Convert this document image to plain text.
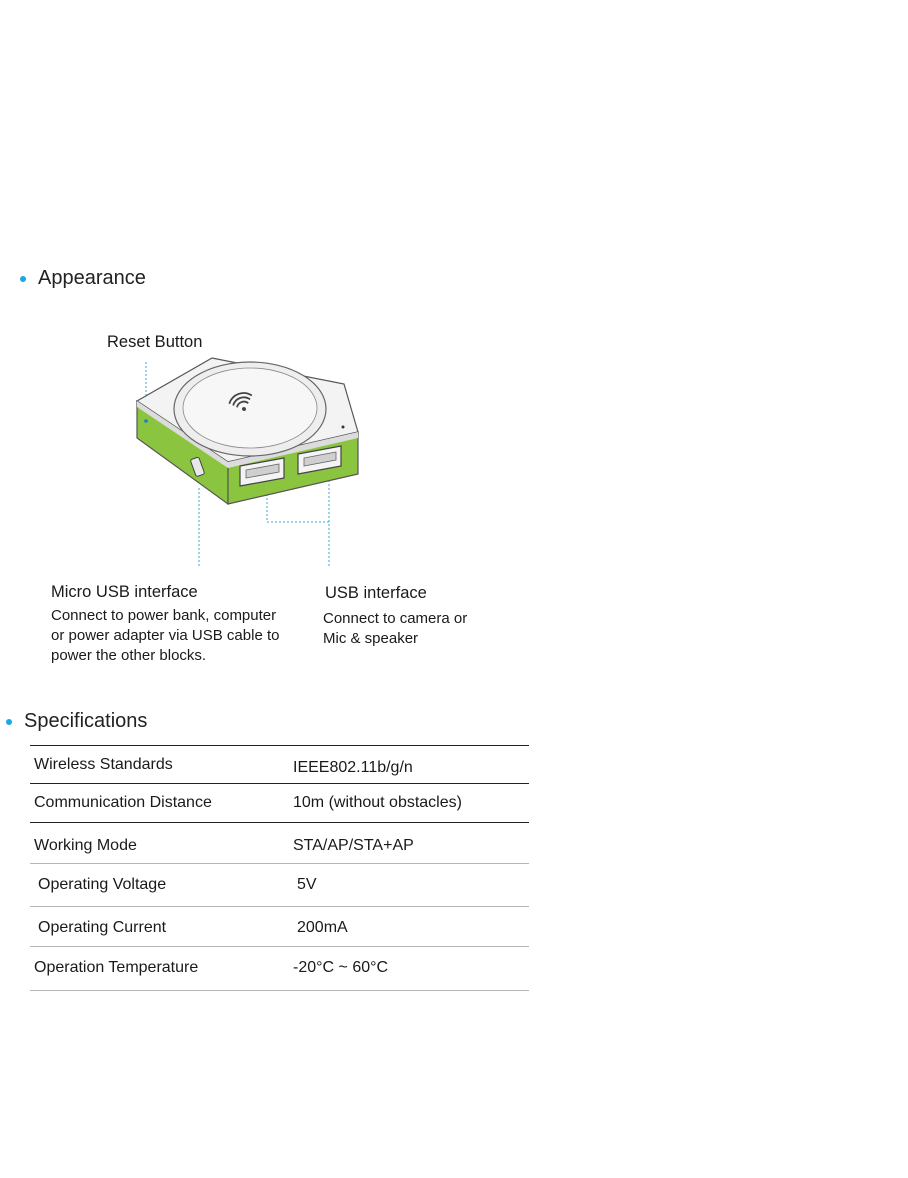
Appearance
Reset Button
Micro USB interface
Connect to power bank, computer or power adapter via USB cable to power the other blocks.
USB interface
Connect to camera or Mic & speaker
Specifications
Wireless Standards	IEEE802.11b/g/n
Communication Distance	10m (without obstacles)
Working Mode	STA/AP/STA+AP
Operating Voltage	5V
Operating Current	200mA
Operation Temperature	-20°C ~ 60°C
